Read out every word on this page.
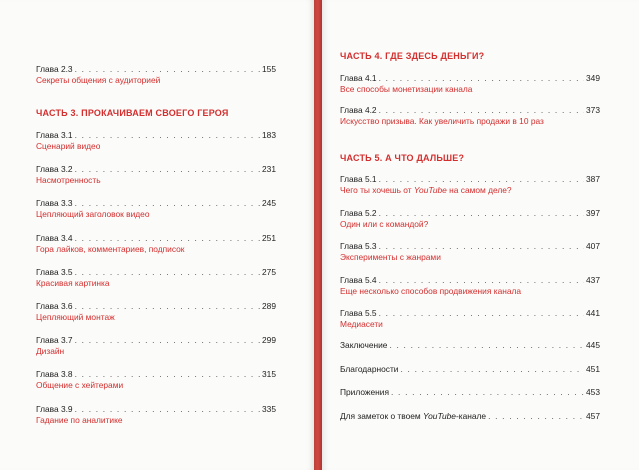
Глава 2.3 . . .	155
Секреты общения с аудиторией
ЧАСТЬ 3. ПРОКАЧИВАЕМ СВОЕГО ГЕРОЯ
Глава 3.1 . . .	183
Сценарий видео
Глава 3.2 . . .	231
Насмотренность
Глава 3.3 . . .	245
Цепляющий заголовок видео
Глава 3.4 . . .	251
Гора лайков, комментариев, подписок
Глава 3.5 . . .	275
Красивая картинка
Глава 3.6 . . .	289
Цепляющий монтаж
Глава 3.7 . . .	299
Дизайн
Глава 3.8 . . .	315
Общение с хейтерами
Глава 3.9 . . .	335
Гадание по аналитике
ЧАСТЬ 4. ГДЕ ЗДЕСЬ ДЕНЬГИ?
Глава 4.1 . . .	349
Все способы монетизации канала
Глава 4.2 . . .	373
Искусство призыва. Как увеличить продажи в 10 раз
ЧАСТЬ 5. А ЧТО ДАЛЬШЕ?
Глава 5.1 . . .	387
Чего ты хочешь от YouTube на самом деле?
Глава 5.2 . . .	397
Один или с командой?
Глава 5.3 . . .	407
Эксперименты с жанрами
Глава 5.4 . . .	437
Еще несколько способов продвижения канала
Глава 5.5 . . .	441
Медиасети
Заключение . . .	445
Благодарности . . .	451
Приложения . . .	453
Для заметок о твоем YouTube-канале . . .	457
